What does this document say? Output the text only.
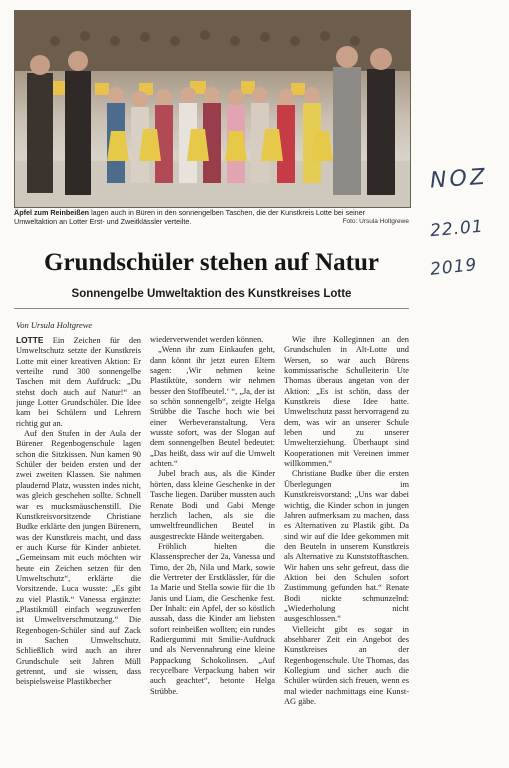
Äpfel zum Reinbeißen lagen auch in Büren in den sonnengelben Taschen, die der Kunstkreis Lotte bei seiner Umweltaktion an Lotter Erst- und Zweitklässler verteilte.	Foto: Ursula Holtgrewe
NOZ
22.01
2019
Grundschüler stehen auf Natur
Sonnengelbe Umweltaktion des Kunstkreises Lotte
Von Ursula Holtgrewe

LOTTE Ein Zeichen für den Umweltschutz setzte der Kunstkreis Lotte mit einer kreativen Aktion: Er verteilte rund 300 sonnengelbe Taschen mit dem Aufdruck: „Du stehst doch auch auf Natur!“ an junge Lotter Grundschüler. Die Idee kam bei Schülern und Lehrern richtig gut an.

Auf den Stufen in der Aula der Bürener Regenbogenschule lagen schon die Sitzkissen. Nun kamen 90 Schüler der beiden ersten und der zwei zweiten Klassen. Sie nahmen plaudernd Platz, wussten indes nicht, was gleich geschehen sollte. Schnell war es mucksmäuschenstill. Die Kunstkreisvorsitzende Christiane Budke erklärte den jungen Bürenern, was der Kunstkreis macht, und dass er auch Kurse für Kinder anbietet. „Gemeinsam mit euch möchten wir heute ein Zeichen setzen für den Umweltschutz“, erklärte die Vorsitzende. Luca wusste: „Es gibt zu viel Plastik.“ Vanessa ergänzte: „Plastikmüll einfach wegzuwerfen ist Umweltverschmutzung.“ Die Regenbogen-Schüler sind auf Zack in Sachen Umweltschutz. Schließlich wird auch an ihrer Grundschule seit Jahren Müll getrennt, und sie wissen, dass beispielsweise Plastikbecher

wiederverwendet werden können.

„Wenn ihr zum Einkaufen geht, dann könnt ihr jetzt euren Eltern sagen: ‚Wir nehmen keine Plastiktüte, sondern wir nehmen besser den Stoffbeutel.‘ “, „Ja, der ist so schön sonnengelb“, zeigte Helga Strübbe die Tasche hoch wie bei einer Werbeveranstaltung. Vera wusste sofort, was der Slogan auf dem sonnengelben Beutel bedeutet: „Das heißt, dass wir auf die Umwelt achten.“

Jubel brach aus, als die Kinder hörten, dass kleine Geschenke in der Tasche liegen. Darüber mussten auch Renate Bodi und Gabi Menge herzlich lachen, als sie die umweltfreundlichen Beutel in ausgestreckte Hände weitergaben.

Fröhlich hielten die Klassensprecher der 2a, Vanessa und Timo, der 2b, Nila und Mark, sowie die Vertreter der Erstklässler, für die 1a Marie und Stella sowie für die 1b Janis und Liam, die Geschenke fest. Der Inhalt: ein Apfel, der so köstlich aussah, dass die Kinder am liebsten sofort reinbeißen wollten; ein rundes Radiergummi mit Smilie-Aufdruck und als Nervennahrung eine kleine Pappackung Schokolinsen. „Auf recycelbare Verpackung haben wir auch geachtet“, betonte Helga Strübbe.

Wie ihre Kolleginnen an den Grundschulen in Alt-Lotte und Wersen, so war auch Bürens kommissarische Schulleiterin Ute Thomas überaus angetan von der Aktion: „Es ist schön, dass der Kunstkreis diese Idee hatte. Umweltschutz passt hervorragend zu dem, was wir an unserer Schule leben und zu unserer Umwelterziehung. Überhaupt sind Kooperationen mit Vereinen immer willkommen.“

Christiane Budke über die ersten Überlegungen im Kunstkreisvorstand: „Uns war dabei wichtig, die Kinder schon in jungen Jahren aufmerksam zu machen, dass es Alternativen zu Plastik gibt. Da sind wir auf die Idee gekommen mit den Beuteln in unserem Kunstkreis als Alternative zu Kunststofftaschen. Wir haben uns sehr gefreut, dass die Aktion bei den Schulen sofort Zustimmung gefunden hat.“ Renate Bodi nickte schmunzelnd: „Wiederholung nicht ausgeschlossen.“

Vielleicht gibt es sogar in absehbarer Zeit ein Angebot des Kunstkreises an der Regenbogenschule. Ute Thomas, das Kollegium und sicher auch die Schüler würden sich freuen, wenn es mal wieder nachmittags eine Kunst-AG gäbe.
